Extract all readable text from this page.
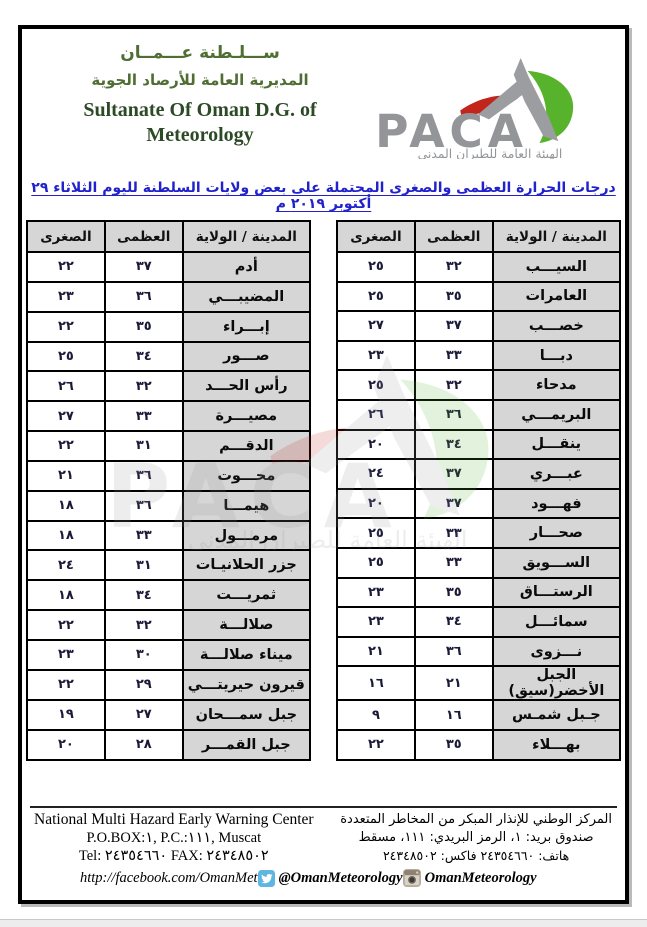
ســـلـطنة عـــمــان
المديرية العامة للأرصاد الجوية
Sultanate Of Oman D.G. of
Meteorology
درجات الحرارة العظمى والصغرى المحتملة على بعض ولايات السلطنة لليوم الثلاثاء ٢٩ أكتوبر ٢٠١٩ م
المدينة / الولاية	العظمى	الصغرى
أدم	٣٧	٢٢
المضيبـــي	٣٦	٢٣
إبـــراء	٣٥	٢٢
صـــور	٣٤	٢٥
رأس الحـــد	٣٢	٢٦
مصيـــرة	٣٣	٢٧
الدقـــم	٣١	٢٢
محـــوت	٣٦	٢١
هيمـــا	٣٦	١٨
مرمـــول	٣٣	١٨
جزر الحلانيـات	٣١	٢٤
ثمريـــت	٣٤	١٨
صلالـــة	٣٢	٢٢
ميناء صلالـــة	٣٠	٢٣
قيرون حيريتـــي	٢٩	٢٢
جبل سمـــحان	٢٧	١٩
جبل القمـــر	٢٨	٢٠
المدينة / الولاية	العظمى	الصغرى
السيـــب	٣٢	٢٥
العامرات	٣٥	٢٥
خصـــب	٣٧	٢٧
دبـــا	٣٣	٢٣
مدحاء	٣٢	٢٥
البريمـــي	٣٦	٢٦
ينقـــل	٣٤	٢٠
عبـــري	٣٧	٢٤
فهـــود	٣٧	٢٠
صحـــار	٣٣	٢٥
الســـويق	٣٣	٢٥
الرستـــاق	٣٥	٢٣
سمائـــل	٣٤	٢٣
نـــزوى	٣٦	٢١
الجبل الأخضر(سيق)	٢١	١٦
جـبل شمـس	١٦	٩
بهـــلاء	٣٥	٢٢
National Multi Hazard Early Warning Center
P.O.BOX:١, P.C.:١١١, Muscat
Tel: ٢٤٣٥٤٦٦٠ FAX: ٢٤٣٤٨٥٠٢
المركز الوطني للإنذار المبكر من المخاطر المتعددة
صندوق بريد: ١، الرمز البريدي: ١١١، مسقط
هاتف: ٢٤٣٥٤٦٦٠ فاكس: ٢٤٣٤٨٥٠٢
http://facebook.com/OmanMet @OmanMeteorology OmanMeteorology
